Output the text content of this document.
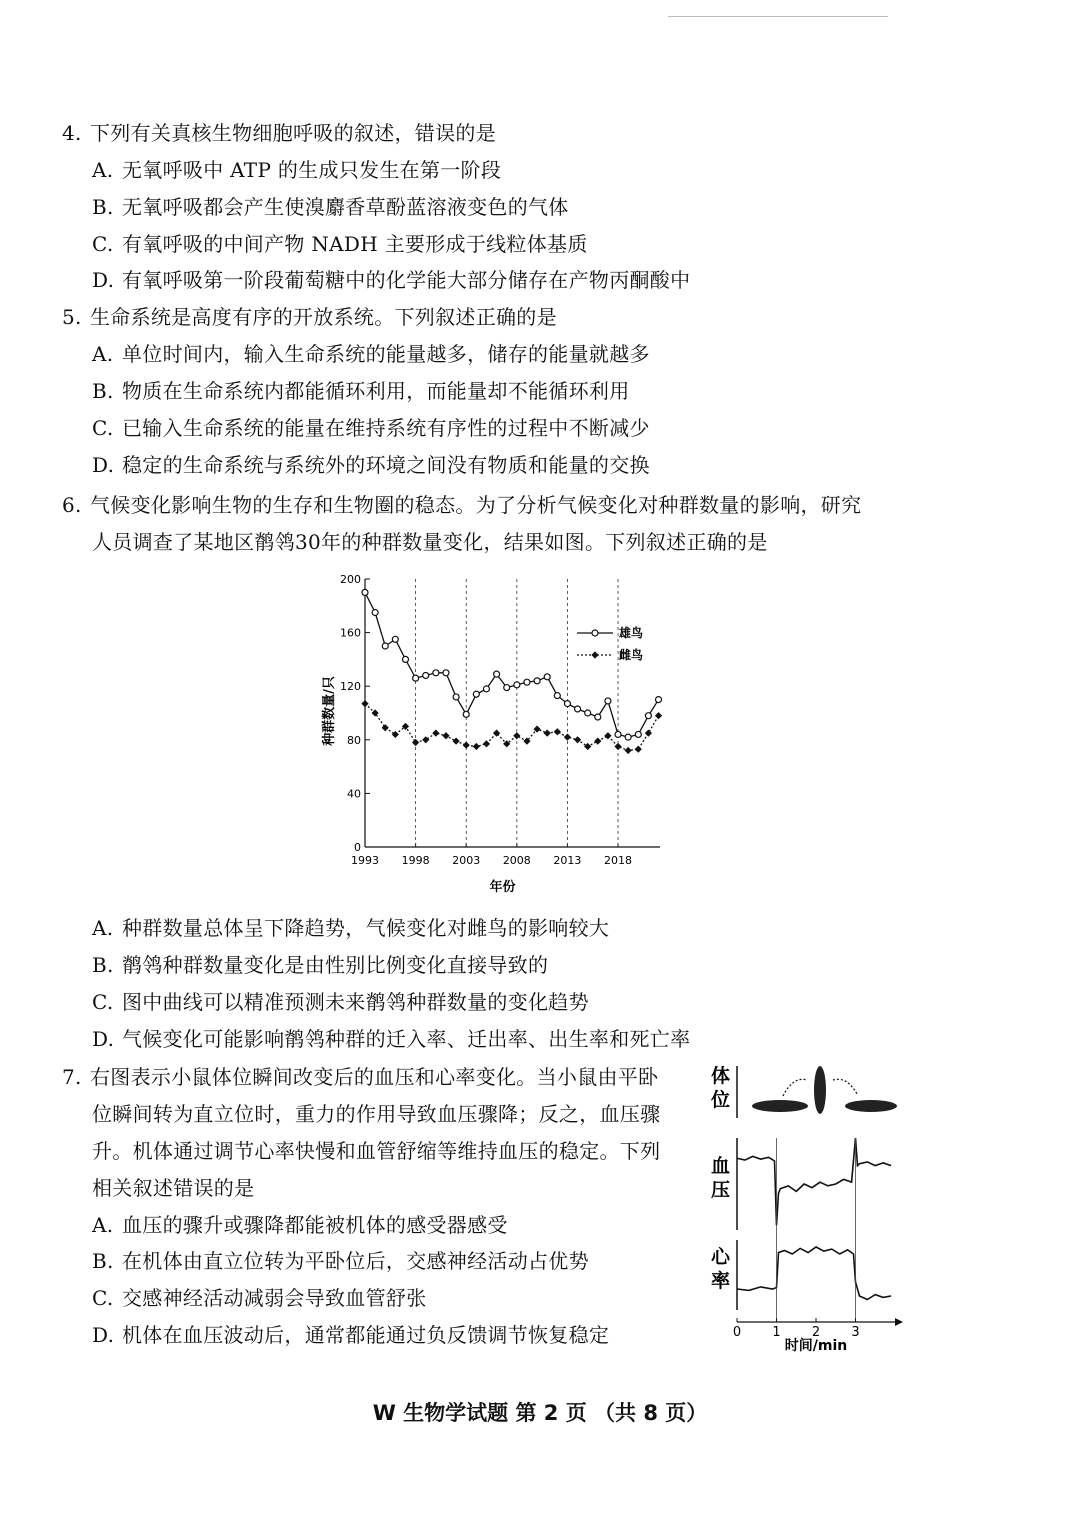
4. 下列有关真核生物细胞呼吸的叙述，错误的是
A. 无氧呼吸中 ATP 的生成只发生在第一阶段
B. 无氧呼吸都会产生使溴麝香草酚蓝溶液变色的气体
C. 有氧呼吸的中间产物 NADH 主要形成于线粒体基质
D. 有氧呼吸第一阶段葡萄糖中的化学能大部分储存在产物丙酮酸中
5. 生命系统是高度有序的开放系统。下列叙述正确的是
A. 单位时间内，输入生命系统的能量越多，储存的能量就越多
B. 物质在生命系统内都能循环利用，而能量却不能循环利用
C. 已输入生命系统的能量在维持系统有序性的过程中不断减少
D. 稳定的生命系统与系统外的环境之间没有物质和能量的交换
6. 气候变化影响生物的生存和生物圈的稳态。为了分析气候变化对种群数量的影响，研究
人员调查了某地区鹡鸰30年的种群数量变化，结果如图。下列叙述正确的是
0
40
80
120
160
200
1993 1998 2003 2008 2013 2018
年份
种群数量/只
雄鸟
雌鸟
A. 种群数量总体呈下降趋势，气候变化对雌鸟的影响较大
B. 鹡鸰种群数量变化是由性别比例变化直接导致的
C. 图中曲线可以精准预测未来鹡鸰种群数量的变化趋势
D. 气候变化可能影响鹡鸰种群的迁入率、迁出率、出生率和死亡率
7. 右图表示小鼠体位瞬间改变后的血压和心率变化。当小鼠由平卧
位瞬间转为直立位时，重力的作用导致血压骤降；反之，血压骤
升。机体通过调节心率快慢和血管舒缩等维持血压的稳定。下列
相关叙述错误的是
A. 血压的骤升或骤降都能被机体的感受器感受
B. 在机体由直立位转为平卧位后，交感神经活动占优势
C. 交感神经活动减弱会导致血管舒张
D. 机体在血压波动后，通常都能通过负反馈调节恢复稳定
体
位
血
压
心
率
0 1 2 3
时间/min
W 生物学试题 第 2 页 （共 8 页）
